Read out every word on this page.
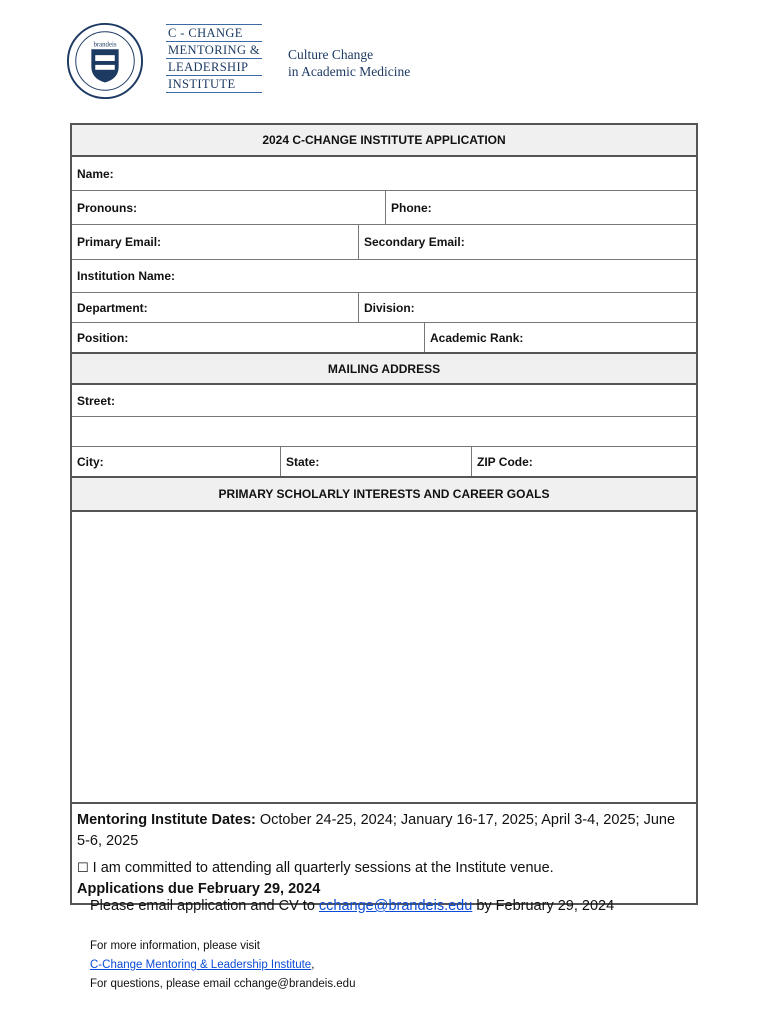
brandeis
C - CHANGE
MENTORING &
LEADERSHIP
INSTITUTE
Culture Change
in Academic Medicine
2024 C-CHANGE INSTITUTE APPLICATION
Name:
Pronouns:	Phone:
Primary Email:	Secondary Email:
Institution Name:
Department:	Division:
Position:	Academic Rank:
MAILING ADDRESS
Street:
City:	State:	ZIP Code:
PRIMARY SCHOLARLY INTERESTS AND CAREER GOALS
Mentoring Institute Dates: October 24-25, 2024; January 16-17, 2025; April 3-4, 2025; June 5-6, 2025
☐ I am committed to attending all quarterly sessions at the Institute venue.
Applications due February 29, 2024
Please email application and CV to cchange@brandeis.edu by February 29, 2024
For more information, please visit
C-Change Mentoring & Leadership Institute,
For questions, please email cchange@brandeis.edu
